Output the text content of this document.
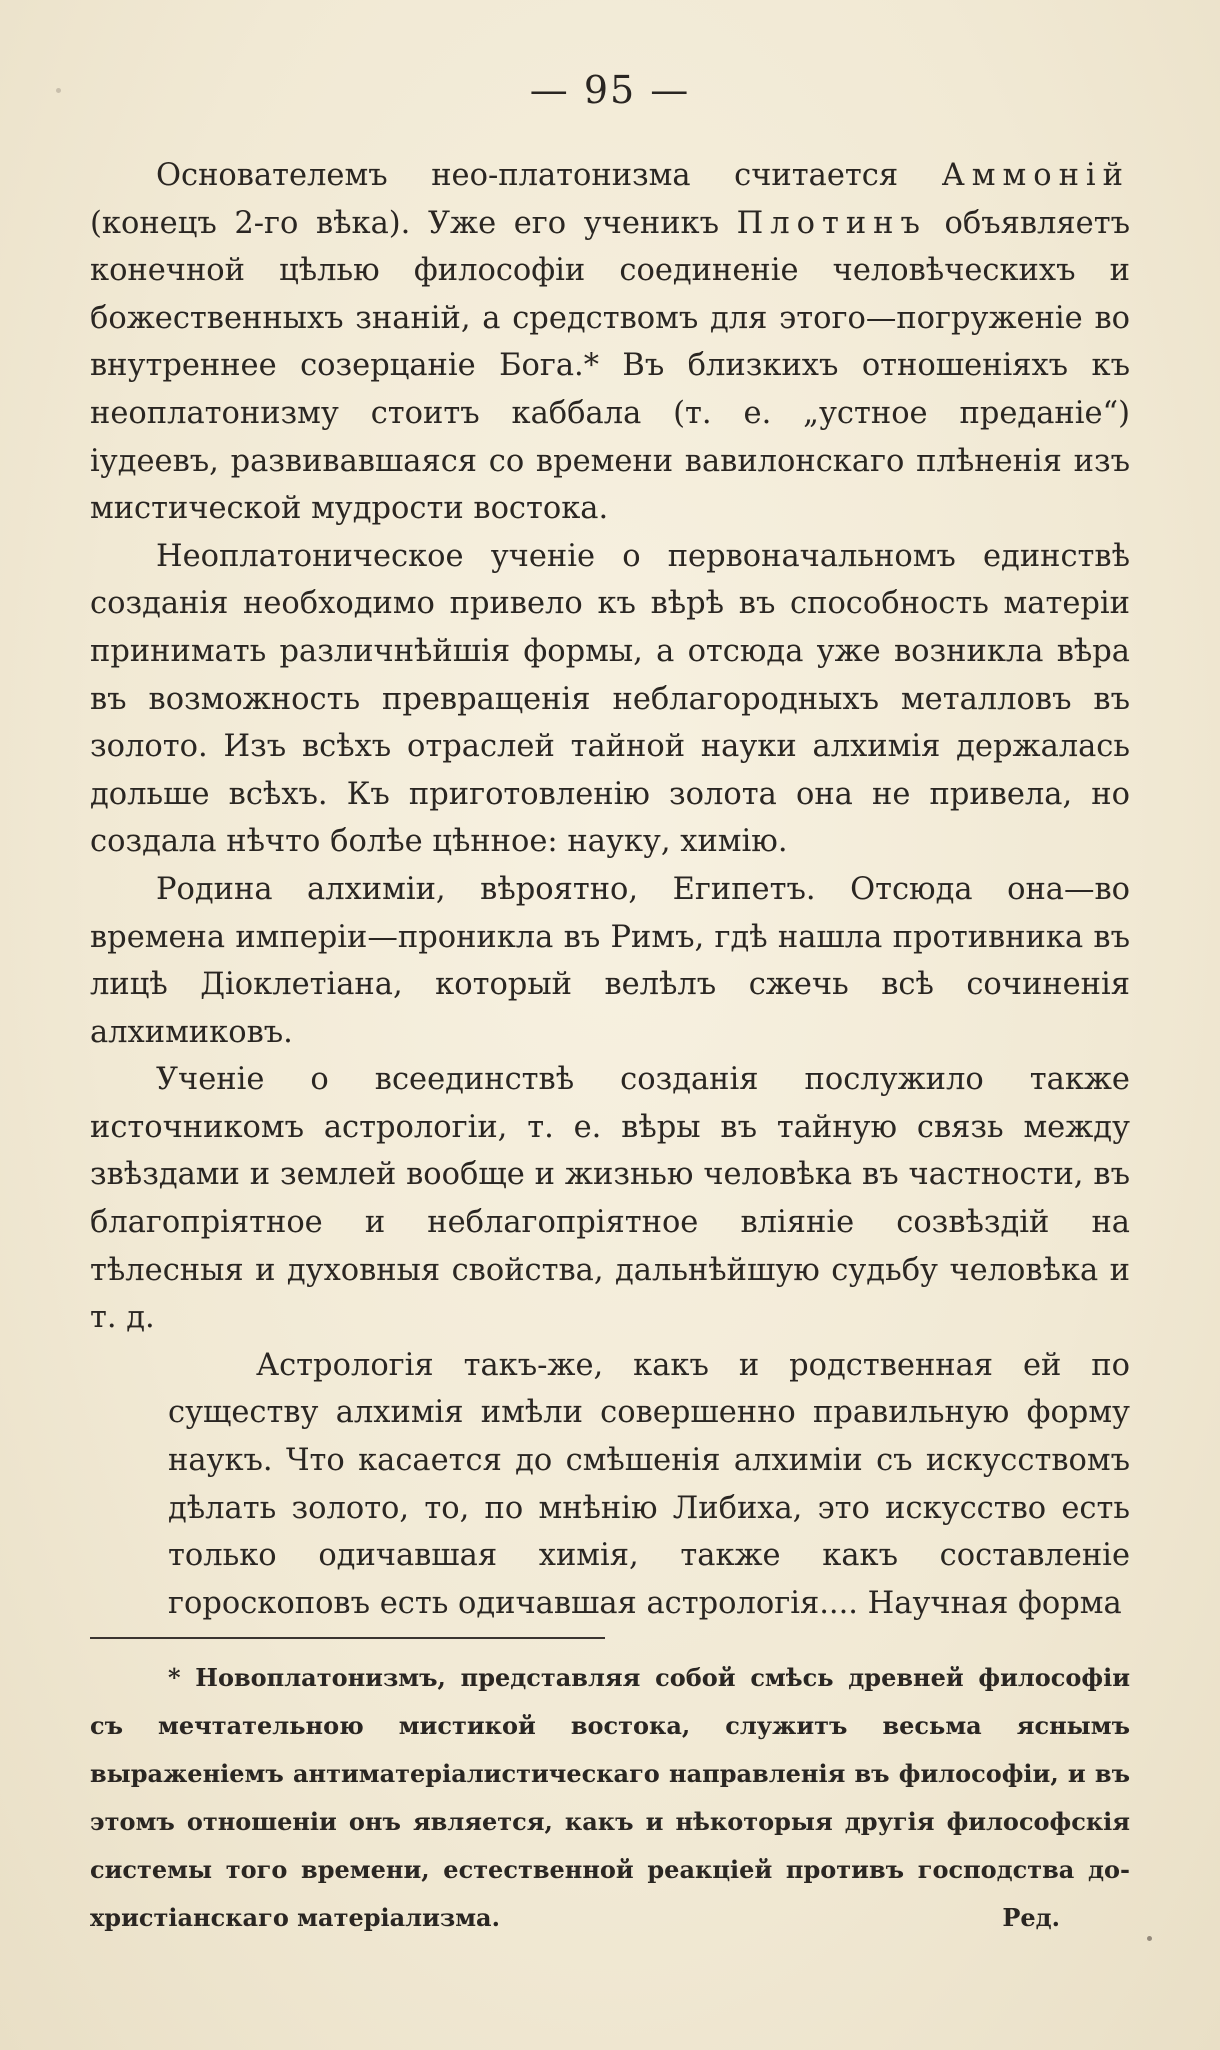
— 95 —

Основателемъ нео-платонизма считается Аммоній (конецъ 2-го вѣка). Уже его ученикъ Плотинъ объявляетъ конечной цѣлью философіи соединеніе человѣческихъ и божественныхъ знаній, а средствомъ для этого—погруженіе во внутреннее созерцаніе Бога.* Въ близкихъ отношеніяхъ къ неоплатонизму стоитъ каббала (т. е. „устное преданіе“) іудеевъ, развивавшаяся со времени вавилонскаго плѣненія изъ мистической мудрости востока.

Неоплатоническое ученіе о первоначальномъ единствѣ созданія необходимо привело къ вѣрѣ въ способность матеріи принимать различнѣйшія формы, а отсюда уже возникла вѣра въ возможность превращенія неблагородныхъ металловъ въ золото. Изъ всѣхъ отраслей тайной науки алхимія держалась дольше всѣхъ. Къ приготовленію золота она не привела, но создала нѣчто болѣе цѣнное: науку, химію.

Родина алхиміи, вѣроятно, Египетъ. Отсюда она—во времена имперіи—проникла въ Римъ, гдѣ нашла противника въ лицѣ Діоклетіана, который велѣлъ сжечь всѣ сочиненія алхимиковъ.

Ученіе о всеединствѣ созданія послужило также источникомъ астрологіи, т. е. вѣры въ тайную связь между звѣздами и землей вообще и жизнью человѣка въ частности, въ благопріятное и неблагопріятное вліяніе созвѣздій на тѣлесныя и духовныя свойства, дальнѣйшую судьбу человѣка и т. д.

Астрологія такъ-же, какъ и родственная ей по существу алхимія имѣли совершенно правильную форму наукъ. Что касается до смѣшенія алхиміи съ искусствомъ дѣлать золото, то, по мнѣнію Либиха, это искусство есть только одичавшая химія, также какъ составленіе гороскоповъ есть одичавшая астрологія.... Научная форма

* Новоплатонизмъ, представляя собой смѣсь древней философіи съ мечтательною мистикой востока, служитъ весьма яснымъ выраженіемъ антиматеріалистическаго направленія въ философіи, и въ этомъ отношеніи онъ является, какъ и нѣкоторыя другія философскія системы того времени, естественной реакціей противъ господства до-христіанскаго матеріализма.	Ред.
